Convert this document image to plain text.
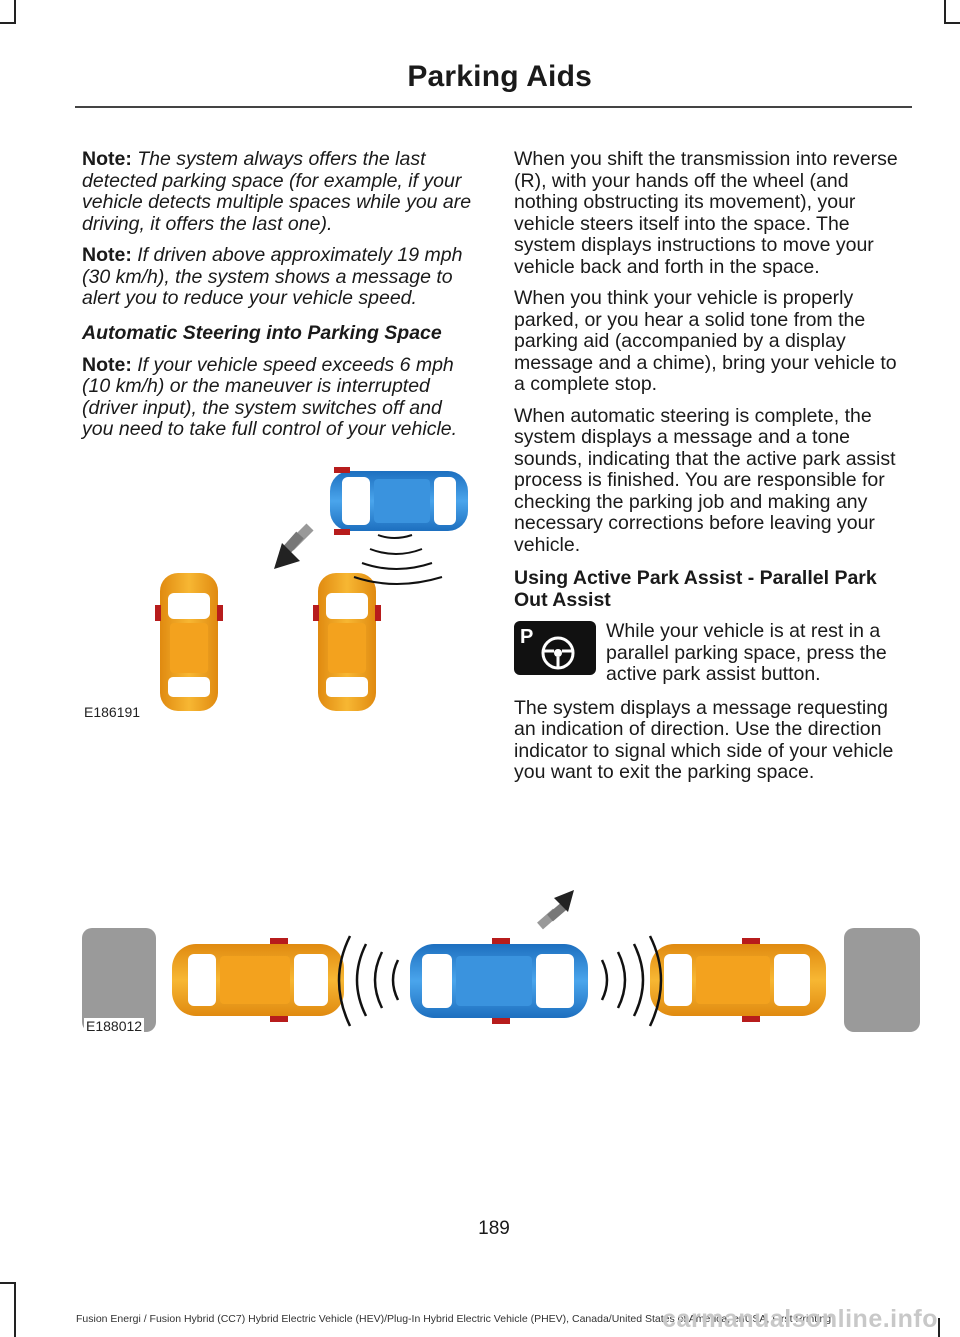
Parking Aids

Note: The system always offers the last detected parking space (for example, if your vehicle detects multiple spaces while you are driving, it offers the last one).

Note: If driven above approximately 19 mph (30 km/h), the system shows a message to alert you to reduce your vehicle speed.

Automatic Steering into Parking Space

Note: If your vehicle speed exceeds 6 mph (10 km/h) or the maneuver is interrupted (driver input), the system switches off and you need to take full control of your vehicle.

E186191

When you shift the transmission into reverse (R), with your hands off the wheel (and nothing obstructing its movement), your vehicle steers itself into the space. The system displays instructions to move your vehicle back and forth in the space.

When you think your vehicle is properly parked, or you hear a solid tone from the parking aid (accompanied by a display message and a chime), bring your vehicle to a complete stop.

When automatic steering is complete, the system displays a message and a tone sounds, indicating that the active park assist process is finished. You are responsible for checking the parking job and making any necessary corrections before leaving your vehicle.

Using Active Park Assist - Parallel Park Out Assist
P	While your vehicle is at rest in a parallel parking space, press the active park assist button.

The system displays a message requesting an indication of direction. Use the direction indicator to signal which side of your vehicle you want to exit the parking space.

E188012
189
Fusion Energi / Fusion Hybrid (CC7) Hybrid Electric Vehicle (HEV)/Plug-In Hybrid Electric Vehicle (PHEV), Canada/United States of America, enUSA, First Printing
carmanualsonline.info
